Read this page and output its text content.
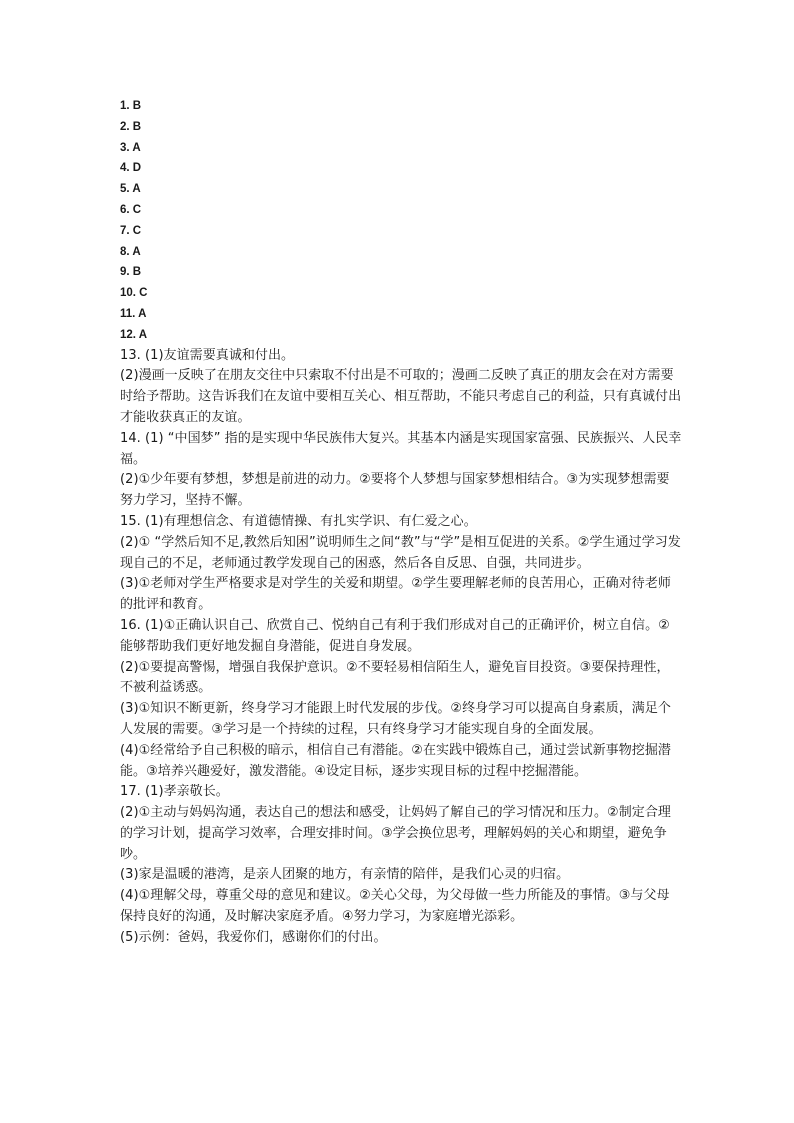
1. B
2. B
3. A
4. D
5. A
6. C
7. C
8. A
9. B
10. C
11. A
12. A

13. (1)友谊需要真诚和付出。

(2)漫画一反映了在朋友交往中只索取不付出是不可取的；漫画二反映了真正的朋友会在对方需要时给予帮助。这告诉我们在友谊中要相互关心、相互帮助，不能只考虑自己的利益，只有真诚付出才能收获真正的友谊。

14. (1) “中国梦” 指的是实现中华民族伟大复兴。其基本内涵是实现国家富强、民族振兴、人民幸福。

(2)①少年要有梦想，梦想是前进的动力。②要将个人梦想与国家梦想相结合。③为实现梦想需要努力学习，坚持不懈。

15. (1)有理想信念、有道德情操、有扎实学识、有仁爱之心。

(2)① “学然后知不足,教然后知困”说明师生之间“教”与“学”是相互促进的关系。②学生通过学习发现自己的不足，老师通过教学发现自己的困惑，然后各自反思、自强，共同进步。

(3)①老师对学生严格要求是对学生的关爱和期望。②学生要理解老师的良苦用心，正确对待老师的批评和教育。

16. (1)①正确认识自己、欣赏自己、悦纳自己有利于我们形成对自己的正确评价，树立自信。②能够帮助我们更好地发掘自身潜能，促进自身发展。

(2)①要提高警惕，增强自我保护意识。②不要轻易相信陌生人，避免盲目投资。③要保持理性，不被利益诱惑。

(3)①知识不断更新，终身学习才能跟上时代发展的步伐。②终身学习可以提高自身素质，满足个人发展的需要。③学习是一个持续的过程，只有终身学习才能实现自身的全面发展。

(4)①经常给予自己积极的暗示，相信自己有潜能。②在实践中锻炼自己，通过尝试新事物挖掘潜能。③培养兴趣爱好，激发潜能。④设定目标，逐步实现目标的过程中挖掘潜能。

17. (1)孝亲敬长。

(2)①主动与妈妈沟通，表达自己的想法和感受，让妈妈了解自己的学习情况和压力。②制定合理的学习计划，提高学习效率，合理安排时间。③学会换位思考，理解妈妈的关心和期望，避免争吵。

(3)家是温暖的港湾，是亲人团聚的地方，有亲情的陪伴，是我们心灵的归宿。

(4)①理解父母，尊重父母的意见和建议。②关心父母，为父母做一些力所能及的事情。③与父母保持良好的沟通，及时解决家庭矛盾。④努力学习，为家庭增光添彩。

(5)示例：爸妈，我爱你们，感谢你们的付出。
